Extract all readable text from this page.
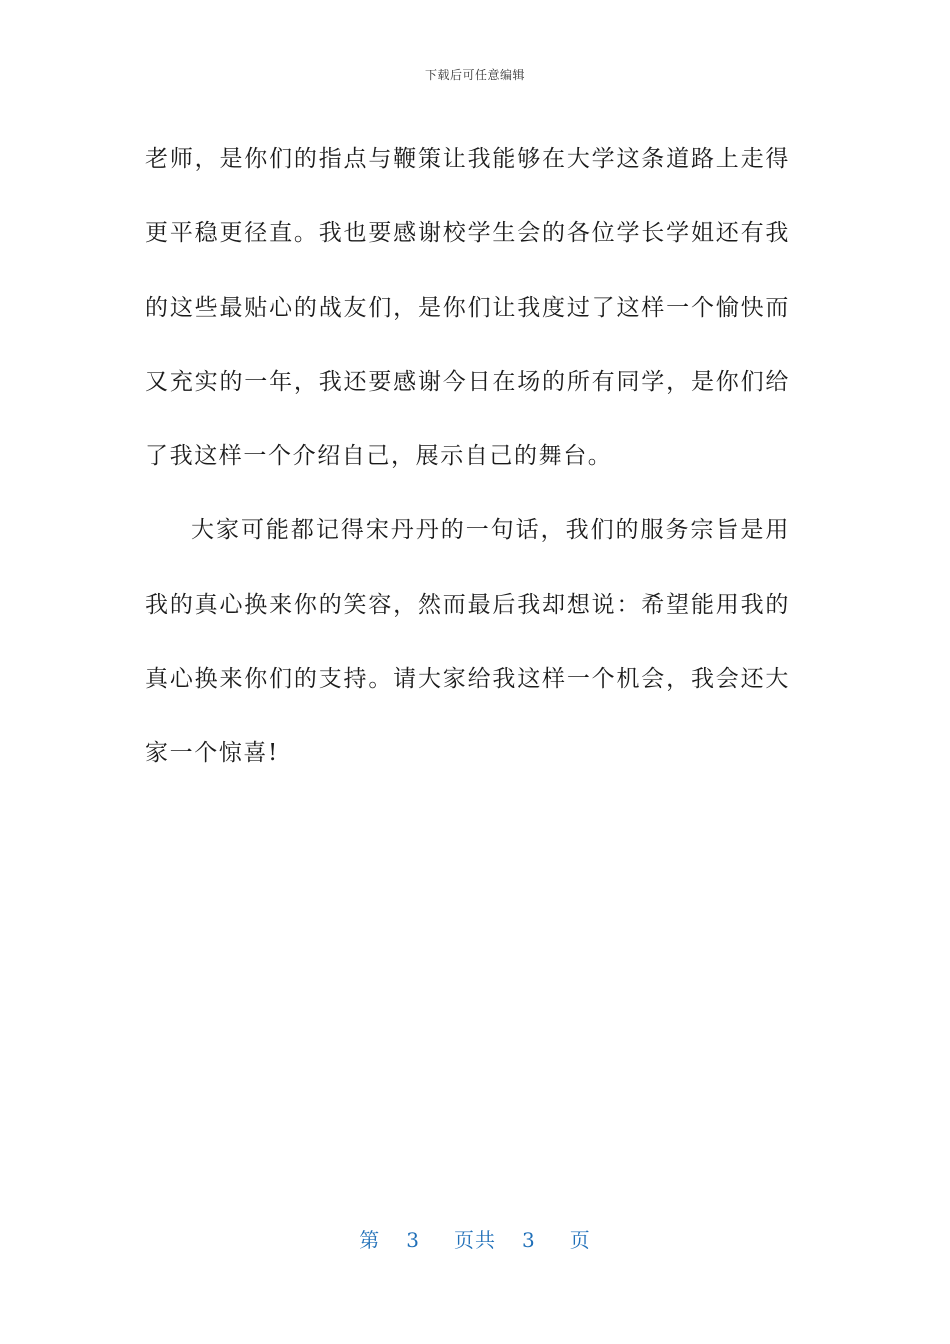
下载后可任意编辑

老师，是你们的指点与鞭策让我能够在大学这条道路上走得更平稳更径直。我也要感谢校学生会的各位学长学姐还有我的这些最贴心的战友们，是你们让我度过了这样一个愉快而又充实的一年，我还要感谢今日在场的所有同学，是你们给了我这样一个介绍自己，展示自己的舞台。

大家可能都记得宋丹丹的一句话，我们的服务宗旨是用我的真心换来你的笑容，然而最后我却想说：希望能用我的真心换来你们的支持。请大家给我这样一个机会，我会还大家一个惊喜!

第 3 页共 3 页
